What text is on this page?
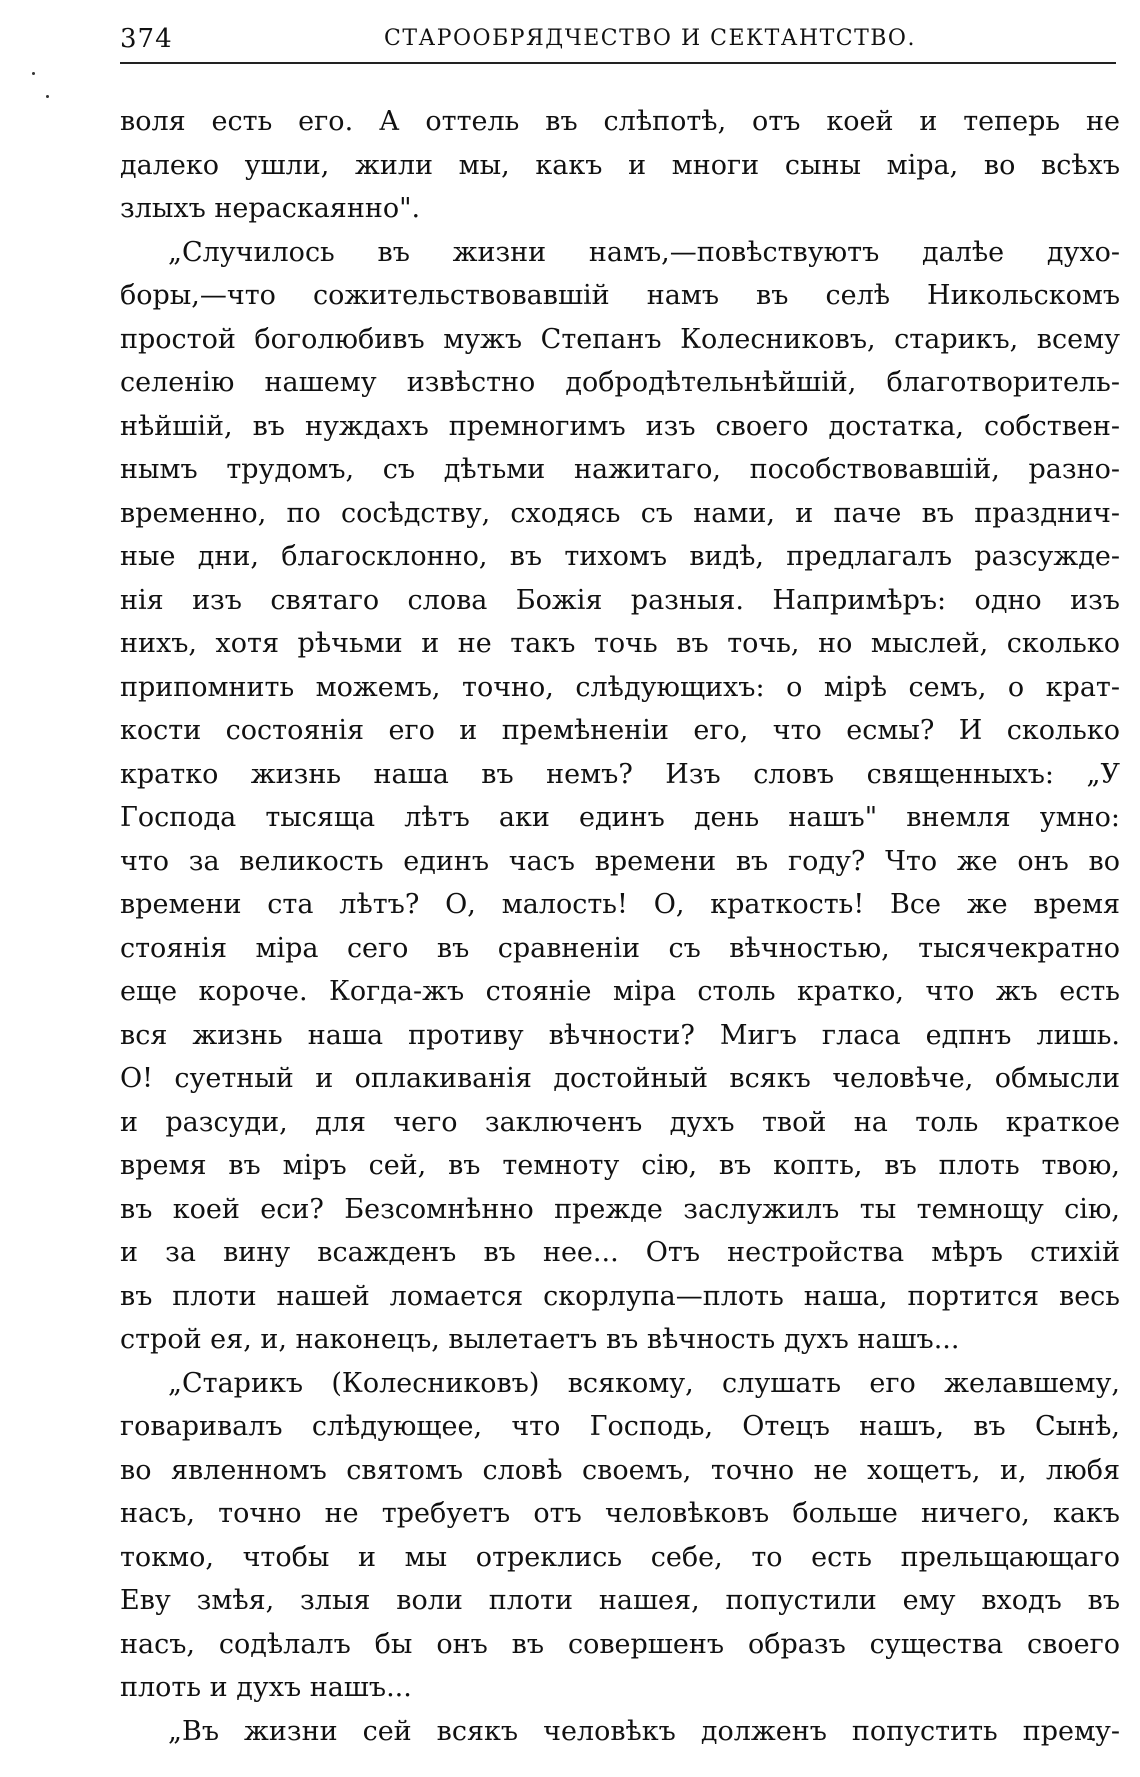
374	СТАРООБРЯДЧЕСТВО И СЕКТАНТСТВО.
воля есть его. А оттель въ слѣпотѣ, отъ коей и теперь не
далеко ушли, жили мы, какъ и многи сыны міра, во всѣхъ
злыхъ нераскаянно".
„Случилось въ жизни намъ,—повѣствуютъ далѣе духо-
боры,—что сожительствовавшій намъ въ селѣ Никольскомъ
простой боголюбивъ мужъ Степанъ Колесниковъ, старикъ, всему
селенію нашему извѣстно добродѣтельнѣйшій, благотворитель-
нѣйшій, въ нуждахъ премногимъ изъ своего достатка, собствен-
нымъ трудомъ, съ дѣтьми нажитаго, пособствовавшій, разно-
временно, по сосѣдству, сходясь съ нами, и паче въ празднич-
ные дни, благосклонно, въ тихомъ видѣ, предлагалъ разсужде-
нія изъ святаго слова Божія разныя. Напримѣръ: одно изъ
нихъ, хотя рѣчьми и не такъ точь въ точь, но мыслей, сколько
припомнить можемъ, точно, слѣдующихъ: о мірѣ семъ, о крат-
кости состоянія его и премѣненіи его, что есмы? И сколько
кратко жизнь наша въ немъ? Изъ словъ священныхъ: „У
Господа тысяща лѣтъ аки единъ день нашъ" внемля умно:
что за великость единъ часъ времени въ году? Что же онъ во
времени ста лѣтъ? О, малость! О, краткость! Все же время
стоянія міра сего въ сравненіи съ вѣчностью, тысячекратно
еще короче. Когда-жъ стояніе міра столь кратко, что жъ есть
вся жизнь наша противу вѣчности? Мигъ гласа едпнъ лишь.
О! суетный и оплакиванія достойный всякъ человѣче, обмысли
и разсуди, для чего заключенъ духъ твой на толь краткое
время въ міръ сей, въ темноту сію, въ копть, въ плоть твою,
въ коей еси? Безсомнѣнно прежде заслужилъ ты темнощу сію,
и за вину всажденъ въ нее... Отъ нестройства мѣръ стихій
въ плоти нашей ломается скорлупа—плоть наша, портится весь
строй ея, и, наконецъ, вылетаетъ въ вѣчность духъ нашъ...
„Старикъ (Колесниковъ) всякому, слушать его желавшему,
говаривалъ слѣдующее, что Господь, Отецъ нашъ, въ Сынѣ,
во явленномъ святомъ словѣ своемъ, точно не хощетъ, и, любя
насъ, точно не требуетъ отъ человѣковъ больше ничего, какъ
токмо, чтобы и мы отреклись себе, то есть прельщающаго
Еву змѣя, злыя воли плоти нашея, попустили ему входъ въ
насъ, содѣлалъ бы онъ въ совершенъ образъ существа своего
плоть и духъ нашъ...
„Въ жизни сей всякъ человѣкъ долженъ попустить прему-
